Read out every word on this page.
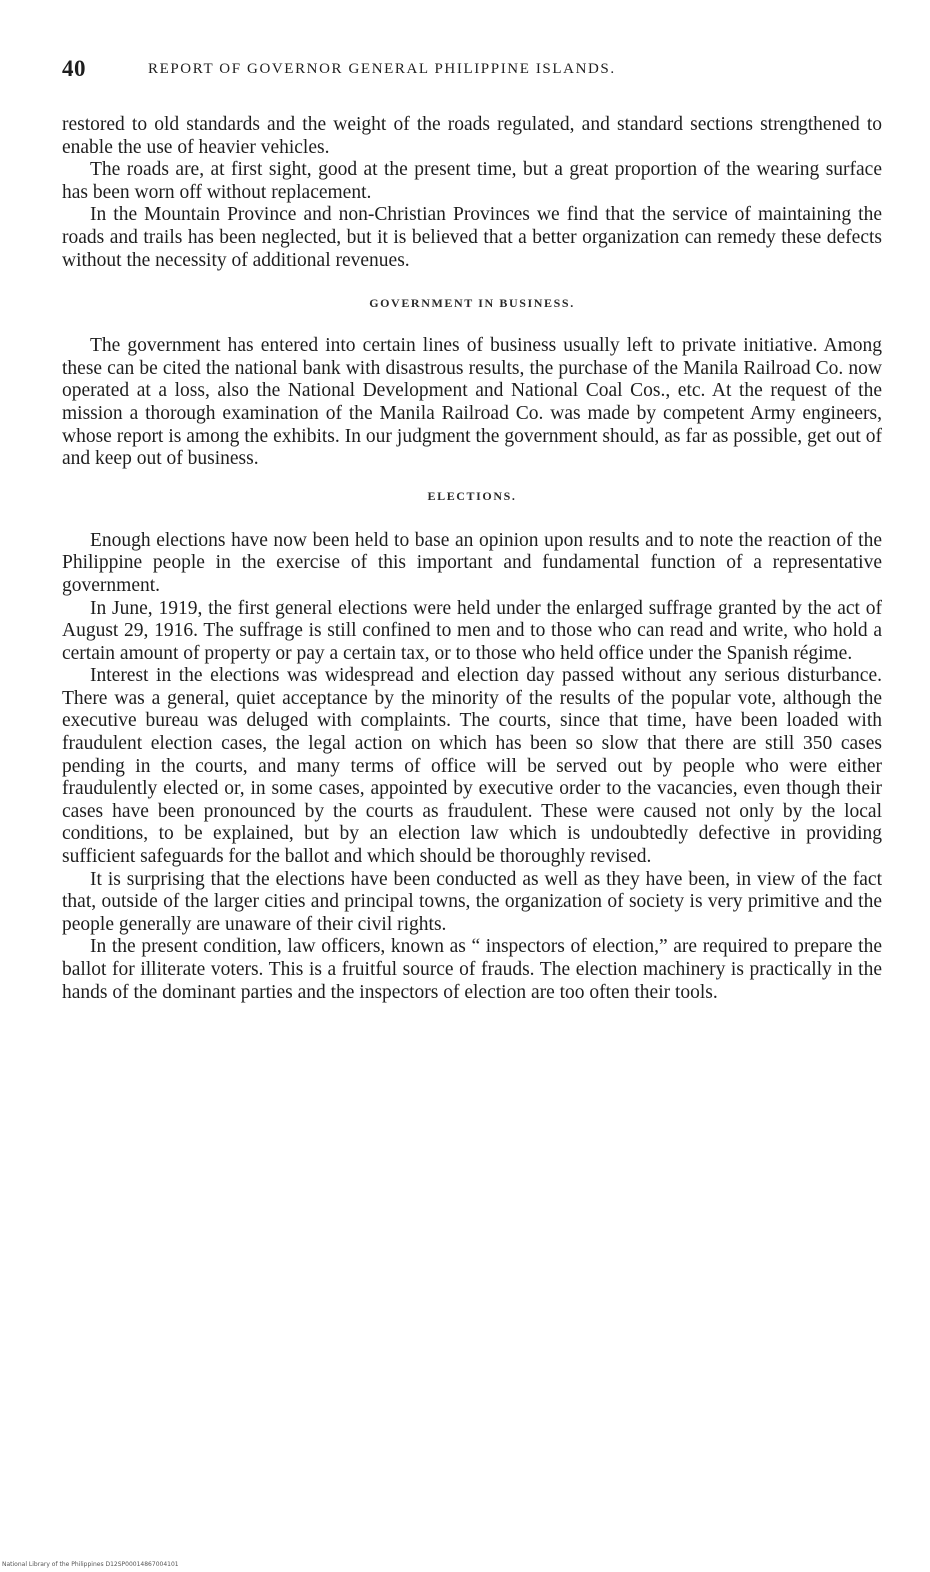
40	REPORT OF GOVERNOR GENERAL PHILIPPINE ISLANDS.

restored to old standards and the weight of the roads regulated, and standard sections strengthened to enable the use of heavier vehicles.

The roads are, at first sight, good at the present time, but a great proportion of the wearing surface has been worn off without replacement.

In the Mountain Province and non-Christian Provinces we find that the service of maintaining the roads and trails has been neglected, but it is believed that a better organization can remedy these defects without the necessity of additional revenues.

GOVERNMENT IN BUSINESS.

The government has entered into certain lines of business usually left to private initiative. Among these can be cited the national bank with disastrous results, the purchase of the Manila Railroad Co. now operated at a loss, also the National Development and National Coal Cos., etc. At the request of the mission a thorough examination of the Manila Railroad Co. was made by competent Army engineers, whose report is among the exhibits. In our judgment the government should, as far as possible, get out of and keep out of business.

ELECTIONS.

Enough elections have now been held to base an opinion upon results and to note the reaction of the Philippine people in the exercise of this important and fundamental function of a representative government.

In June, 1919, the first general elections were held under the enlarged suffrage granted by the act of August 29, 1916. The suffrage is still confined to men and to those who can read and write, who hold a certain amount of property or pay a certain tax, or to those who held office under the Spanish régime.

Interest in the elections was widespread and election day passed without any serious disturbance. There was a general, quiet acceptance by the minority of the results of the popular vote, although the executive bureau was deluged with complaints. The courts, since that time, have been loaded with fraudulent election cases, the legal action on which has been so slow that there are still 350 cases pending in the courts, and many terms of office will be served out by people who were either fraudulently elected or, in some cases, appointed by executive order to the vacancies, even though their cases have been pronounced by the courts as fraudulent. These were caused not only by the local conditions, to be explained, but by an election law which is undoubtedly defective in providing sufficient safeguards for the ballot and which should be thoroughly revised.

It is surprising that the elections have been conducted as well as they have been, in view of the fact that, outside of the larger cities and principal towns, the organization of society is very primitive and the people generally are unaware of their civil rights.

In the present condition, law officers, known as “ inspectors of election,” are required to prepare the ballot for illiterate voters. This is a fruitful source of frauds. The election machinery is practically in the hands of the dominant parties and the inspectors of election are too often their tools.

National Library of the Philippines D12SP00014867004101
